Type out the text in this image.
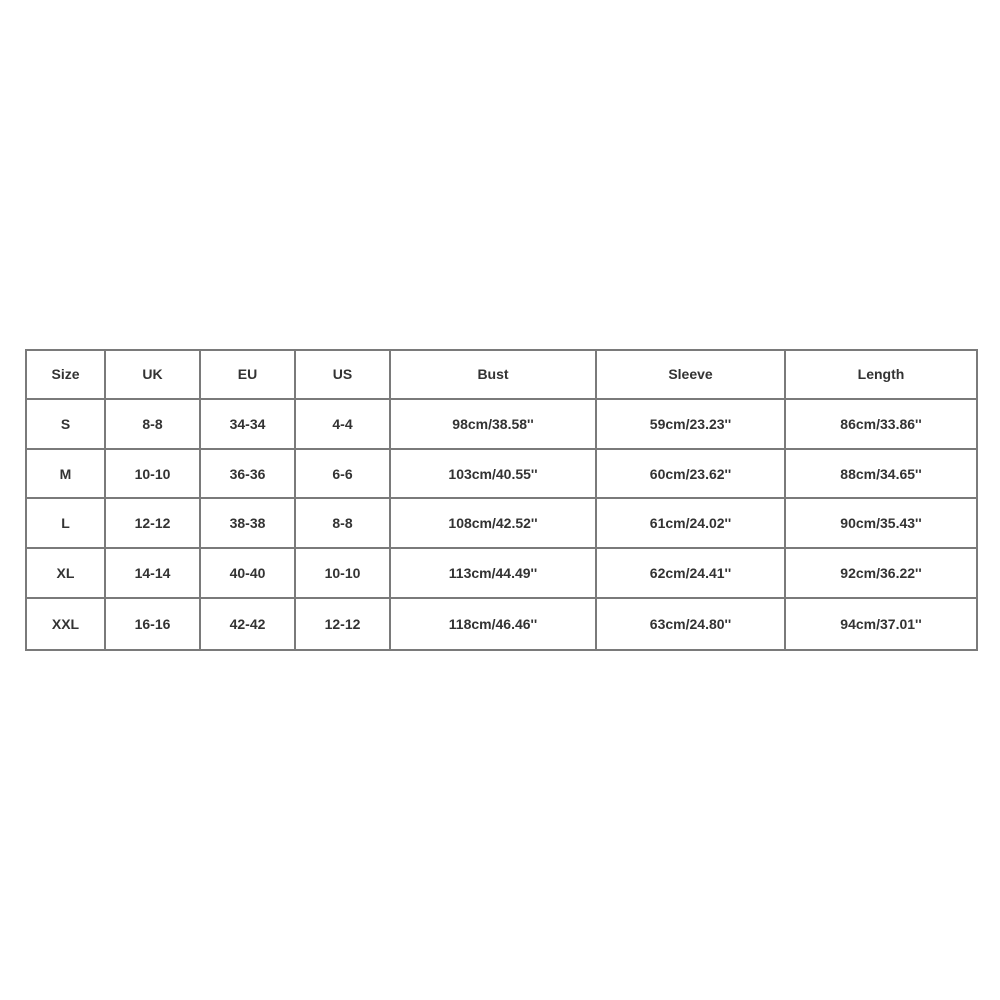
Size	UK	EU	US	Bust	Sleeve	Length
S	8-8	34-34	4-4	98cm/38.58''	59cm/23.23''	86cm/33.86''
M	10-10	36-36	6-6	103cm/40.55''	60cm/23.62''	88cm/34.65''
L	12-12	38-38	8-8	108cm/42.52''	61cm/24.02''	90cm/35.43''
XL	14-14	40-40	10-10	113cm/44.49''	62cm/24.41''	92cm/36.22''
XXL	16-16	42-42	12-12	118cm/46.46''	63cm/24.80''	94cm/37.01''
